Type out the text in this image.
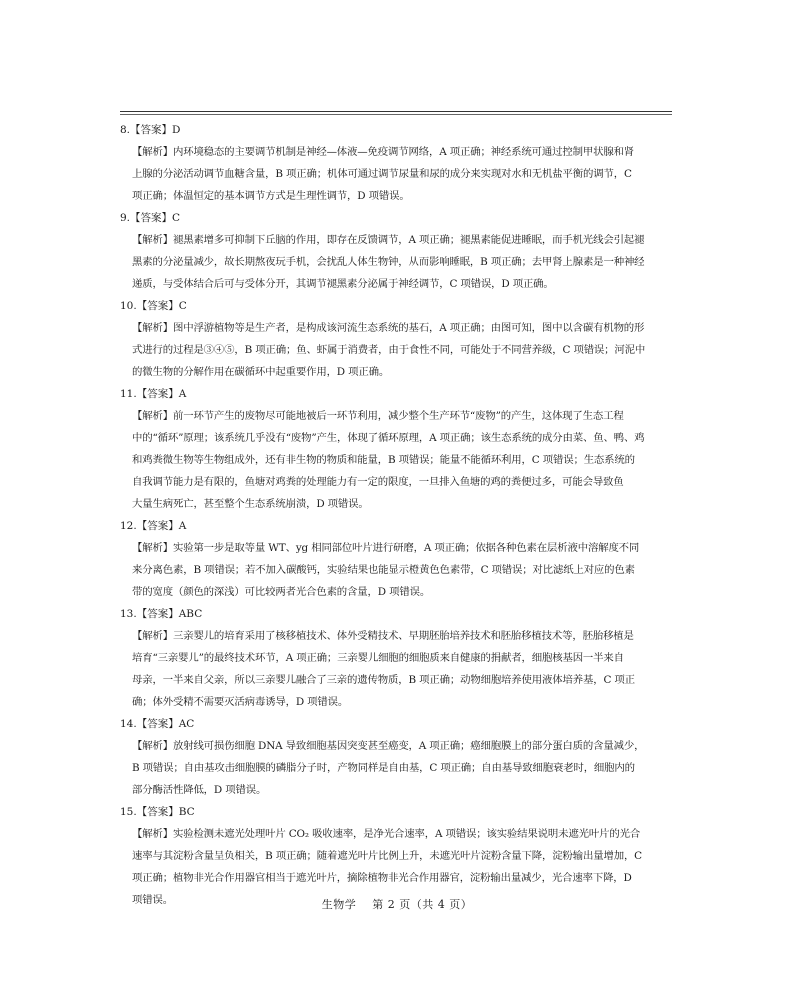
8.【答案】D
【解析】内环境稳态的主要调节机制是神经—体液—免疫调节网络，A 项正确；神经系统可通过控制甲状腺和肾
上腺的分泌活动调节血糖含量，B 项正确；机体可通过调节尿量和尿的成分来实现对水和无机盐平衡的调节，C
项正确；体温恒定的基本调节方式是生理性调节，D 项错误。
9.【答案】C
【解析】褪黑素增多可抑制下丘脑的作用，即存在反馈调节，A 项正确；褪黑素能促进睡眠，而手机光线会引起褪
黑素的分泌量减少，故长期熬夜玩手机，会扰乱人体生物钟，从而影响睡眠，B 项正确；去甲肾上腺素是一种神经
递质，与受体结合后可与受体分开，其调节褪黑素分泌属于神经调节，C 项错误，D 项正确。
10.【答案】C
【解析】图中浮游植物等是生产者，是构成该河流生态系统的基石，A 项正确；由图可知，图中以含碳有机物的形
式进行的过程是③④⑤，B 项正确；鱼、虾属于消费者，由于食性不同，可能处于不同营养级，C 项错误；河泥中
的微生物的分解作用在碳循环中起重要作用，D 项正确。
11.【答案】A
【解析】前一环节产生的废物尽可能地被后一环节利用，减少整个生产环节“废物”的产生，这体现了生态工程
中的“循环”原理；该系统几乎没有“废物”产生，体现了循环原理，A 项正确；该生态系统的成分由菜、鱼、鸭、鸡
和鸡粪微生物等生物组成外，还有非生物的物质和能量，B 项错误；能量不能循环利用，C 项错误；生态系统的
自我调节能力是有限的，鱼塘对鸡粪的处理能力有一定的限度，一旦排入鱼塘的鸡的粪便过多，可能会导致鱼
大量生病死亡，甚至整个生态系统崩溃，D 项错误。
12.【答案】A
【解析】实验第一步是取等量 WT、yg 相同部位叶片进行研磨，A 项正确；依据各种色素在层析液中溶解度不同
来分离色素，B 项错误；若不加入碳酸钙，实验结果也能显示橙黄色色素带，C 项错误；对比滤纸上对应的色素
带的宽度（颜色的深浅）可比较两者光合色素的含量，D 项错误。
13.【答案】ABC
【解析】三亲婴儿的培育采用了核移植技术、体外受精技术、早期胚胎培养技术和胚胎移植技术等，胚胎移植是
培育“三亲婴儿”的最终技术环节，A 项正确；三亲婴儿细胞的细胞质来自健康的捐献者，细胞核基因一半来自
母亲，一半来自父亲，所以三亲婴儿融合了三亲的遗传物质，B 项正确；动物细胞培养使用液体培养基，C 项正
确；体外受精不需要灭活病毒诱导，D 项错误。
14.【答案】AC
【解析】放射线可损伤细胞 DNA 导致细胞基因突变甚至癌变，A 项正确；癌细胞膜上的部分蛋白质的含量减少，
B 项错误；自由基攻击细胞膜的磷脂分子时，产物同样是自由基，C 项正确；自由基导致细胞衰老时，细胞内的
部分酶活性降低，D 项错误。
15.【答案】BC
【解析】实验检测未遮光处理叶片 CO₂ 吸收速率，是净光合速率，A 项错误；该实验结果说明未遮光叶片的光合
速率与其淀粉含量呈负相关，B 项正确；随着遮光叶片比例上升，未遮光叶片淀粉含量下降，淀粉输出量增加，C
项正确；植物非光合作用器官相当于遮光叶片，摘除植物非光合作用器官，淀粉输出量减少，光合速率下降，D
项错误。	生物学    第 2 页（共 4 页）
